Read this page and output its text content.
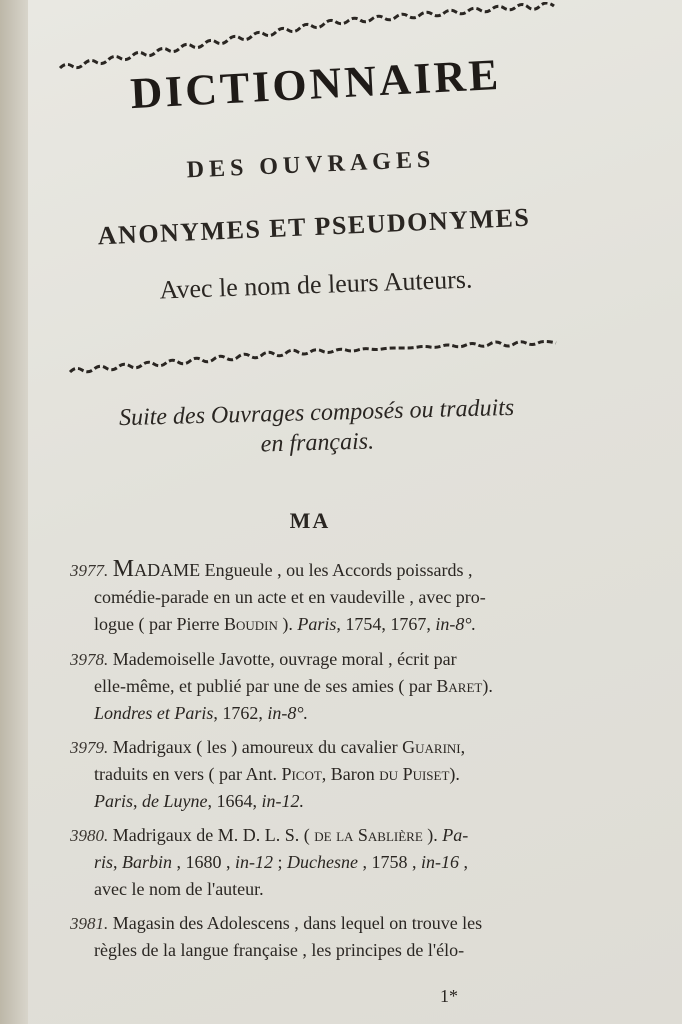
DICTIONNAIRE
DES OUVRAGES
ANONYMES ET PSEUDONYMES
Avec le nom de leurs Auteurs.
Suite des Ouvrages composés ou traduits
en français.
MA
3977. MADAME Engueule , ou les Accords poissards ,
comédie-parade en un acte et en vaudeville , avec pro-
logue ( par Pierre Boudin ). Paris, 1754, 1767, in-8°.
3978. Mademoiselle Javotte, ouvrage moral , écrit par
elle-même, et publié par une de ses amies ( par Baret).
Londres et Paris, 1762, in-8°.
3979. Madrigaux ( les ) amoureux du cavalier Guarini,
traduits en vers ( par Ant. Picot, Baron du Puiset).
Paris, de Luyne, 1664, in-12.
3980. Madrigaux de M. D. L. S. ( de la Sablière ). Pa-
ris, Barbin , 1680 , in-12 ; Duchesne , 1758 , in-16 ,
avec le nom de l'auteur.
3981. Magasin des Adolescens , dans lequel on trouve les
règles de la langue française , les principes de l'élo-
1*
